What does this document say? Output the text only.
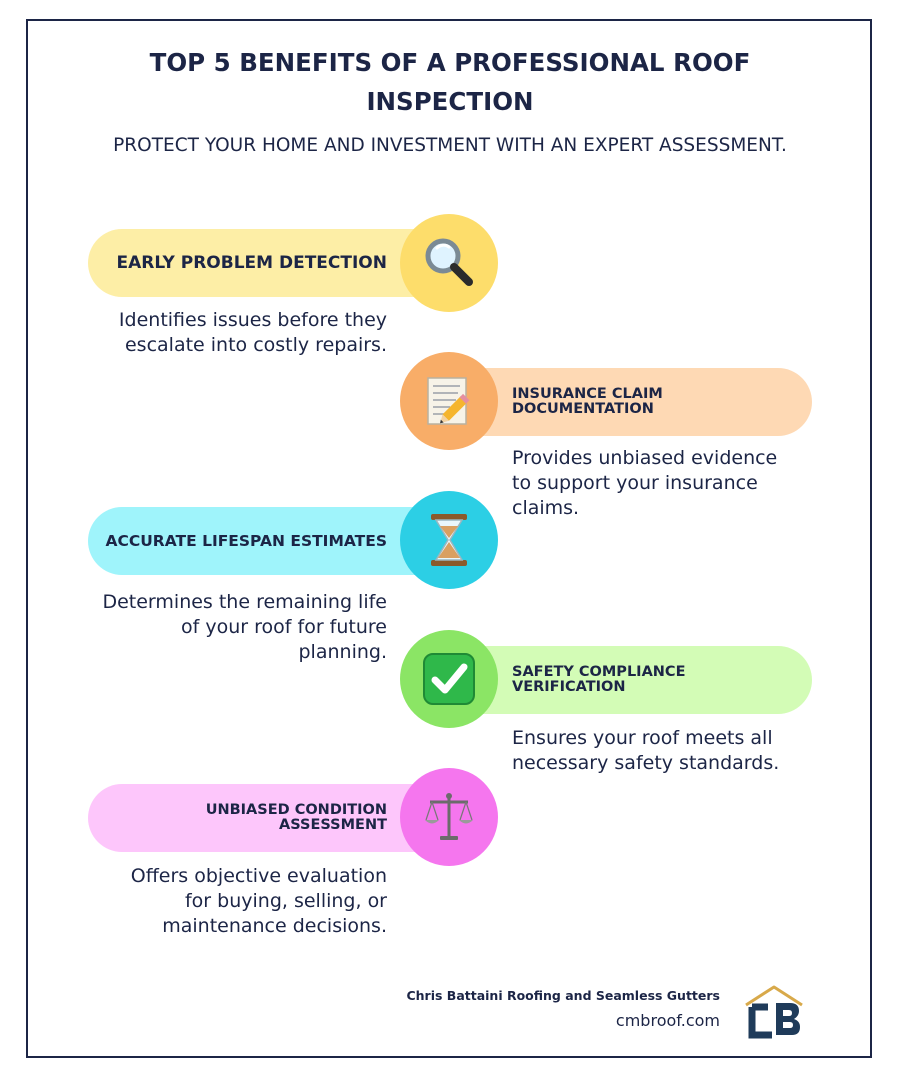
TOP 5 BENEFITS OF A PROFESSIONAL ROOF
INSPECTION
PROTECT YOUR HOME AND INVESTMENT WITH AN EXPERT ASSESSMENT.
EARLY PROBLEM DETECTION
Identifies issues before they
escalate into costly repairs.
INSURANCE CLAIM
DOCUMENTATION
Provides unbiased evidence
to support your insurance
claims.
ACCURATE LIFESPAN ESTIMATES
Determines the remaining life
of your roof for future
planning.
SAFETY COMPLIANCE
VERIFICATION
Ensures your roof meets all
necessary safety standards.
UNBIASED CONDITION
ASSESSMENT
Offers objective evaluation
for buying, selling, or
maintenance decisions.
Chris Battaini Roofing and Seamless Gutters
cmbroof.com
